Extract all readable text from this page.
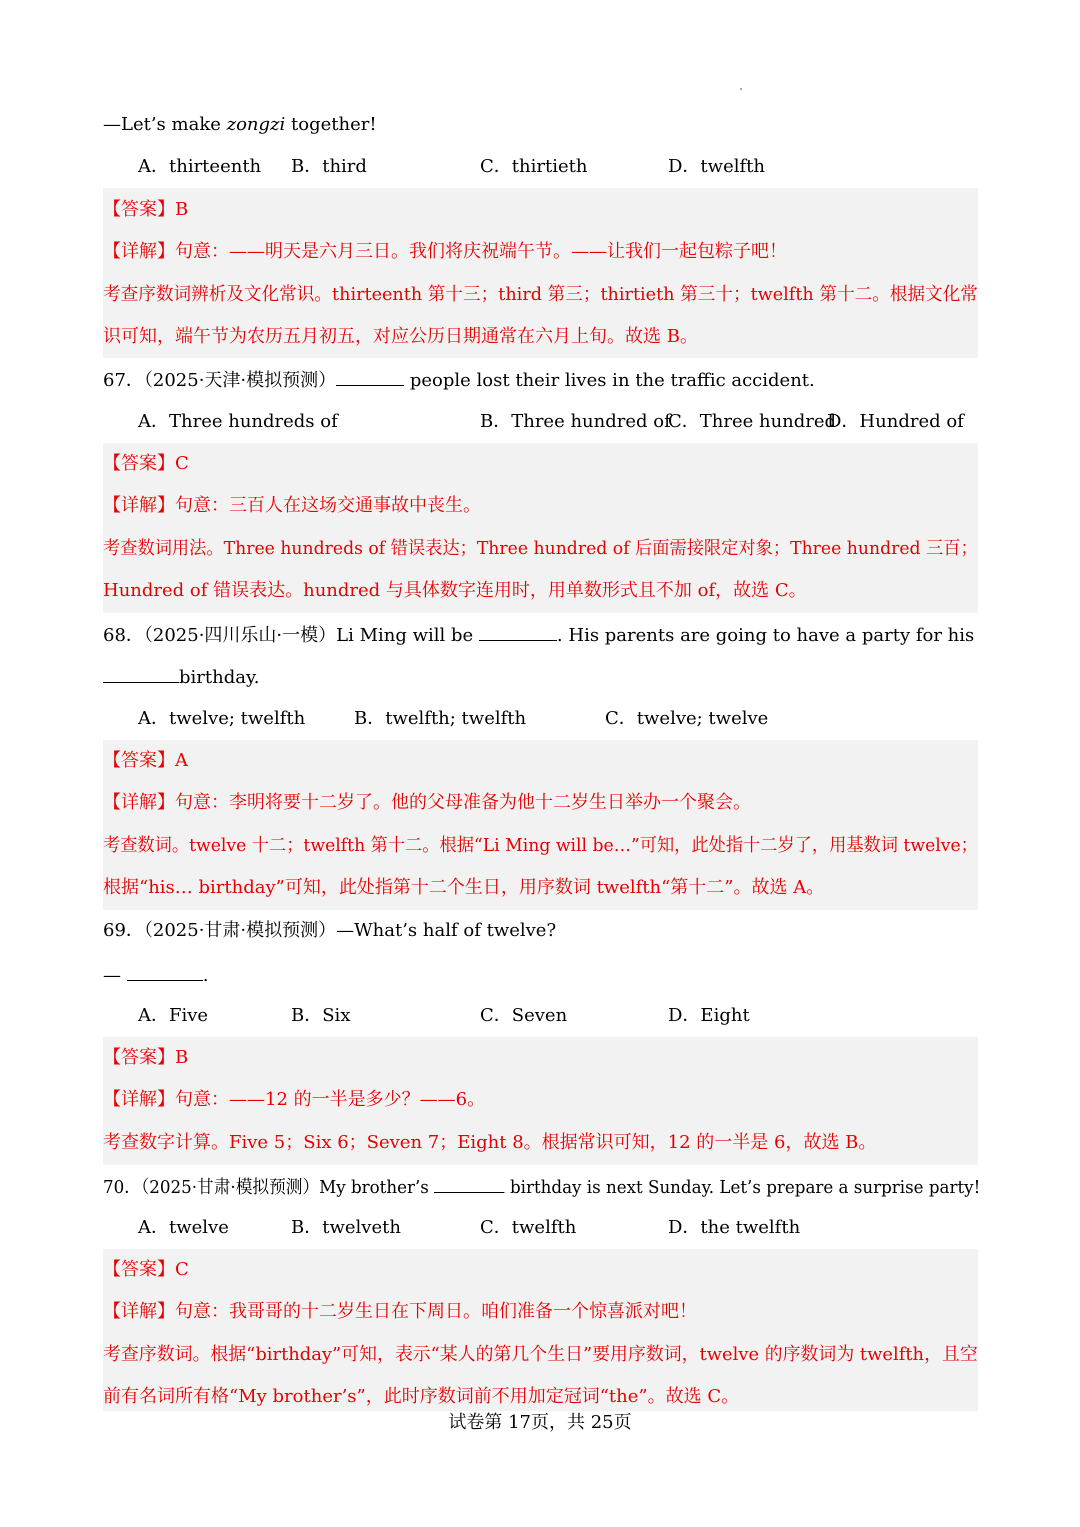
—Let’s make zongzi together!
A．thirteenth B．third	C．thirtieth	D．twelfth
【答案】B
【详解】句意：——明天是六月三日。我们将庆祝端午节。——让我们一起包粽子吧！
考查序数词辨析及文化常识。thirteenth 第十三；third 第三；thirtieth 第三十；twelfth 第十二。根据文化常
识可知，端午节为农历五月初五，对应公历日期通常在六月上旬。故选 B。
67．（2025·天津·模拟预测）	people lost their lives in the traffic accident.
A．Three hundreds of	B．Three hundred of
C．Three hundred
D．Hundred of
【答案】C
【详解】句意：三百人在这场交通事故中丧生。
考查数词用法。Three hundreds of 错误表达；Three hundred of 后面需接限定对象；Three hundred 三百；
Hundred of 错误表达。hundred 与具体数字连用时，用单数形式且不加 of，故选 C。
68．（2025·四川乐山·一模）Li Ming will be	. His parents are going to have a party for his
birthday.
A．twelve; twelfth	B．twelfth; twelfth	C．twelve; twelve
【答案】A
【详解】句意：李明将要十二岁了。他的父母准备为他十二岁生日举办一个聚会。
考查数词。twelve 十二；twelfth 第十二。根据“Li Ming will be…”可知，此处指十二岁了，用基数词 twelve；
根据“his… birthday”可知，此处指第十二个生日，用序数词 twelfth“第十二”。故选 A。
69．（2025·甘肃·模拟预测）—What’s half of twelve?
—	.
A．Five	B．Six	C．Seven	D．Eight
【答案】B
【详解】句意：——12 的一半是多少？——6。
考查数字计算。Five 5；Six 6；Seven 7；Eight 8。根据常识可知，12 的一半是 6，故选 B。
70．（2025·甘肃·模拟预测）My brother’s	birthday is next Sunday. Let’s prepare a surprise party!
A．twelve	B．twelveth	C．twelfth	D．the twelfth
【答案】C
【详解】句意：我哥哥的十二岁生日在下周日。咱们准备一个惊喜派对吧！
考查序数词。根据“birthday”可知，表示“某人的第几个生日”要用序数词，twelve 的序数词为 twelfth，且空
前有名词所有格“My brother’s”，此时序数词前不用加定冠词“the”。故选 C。
试卷第 17页，共 25页
